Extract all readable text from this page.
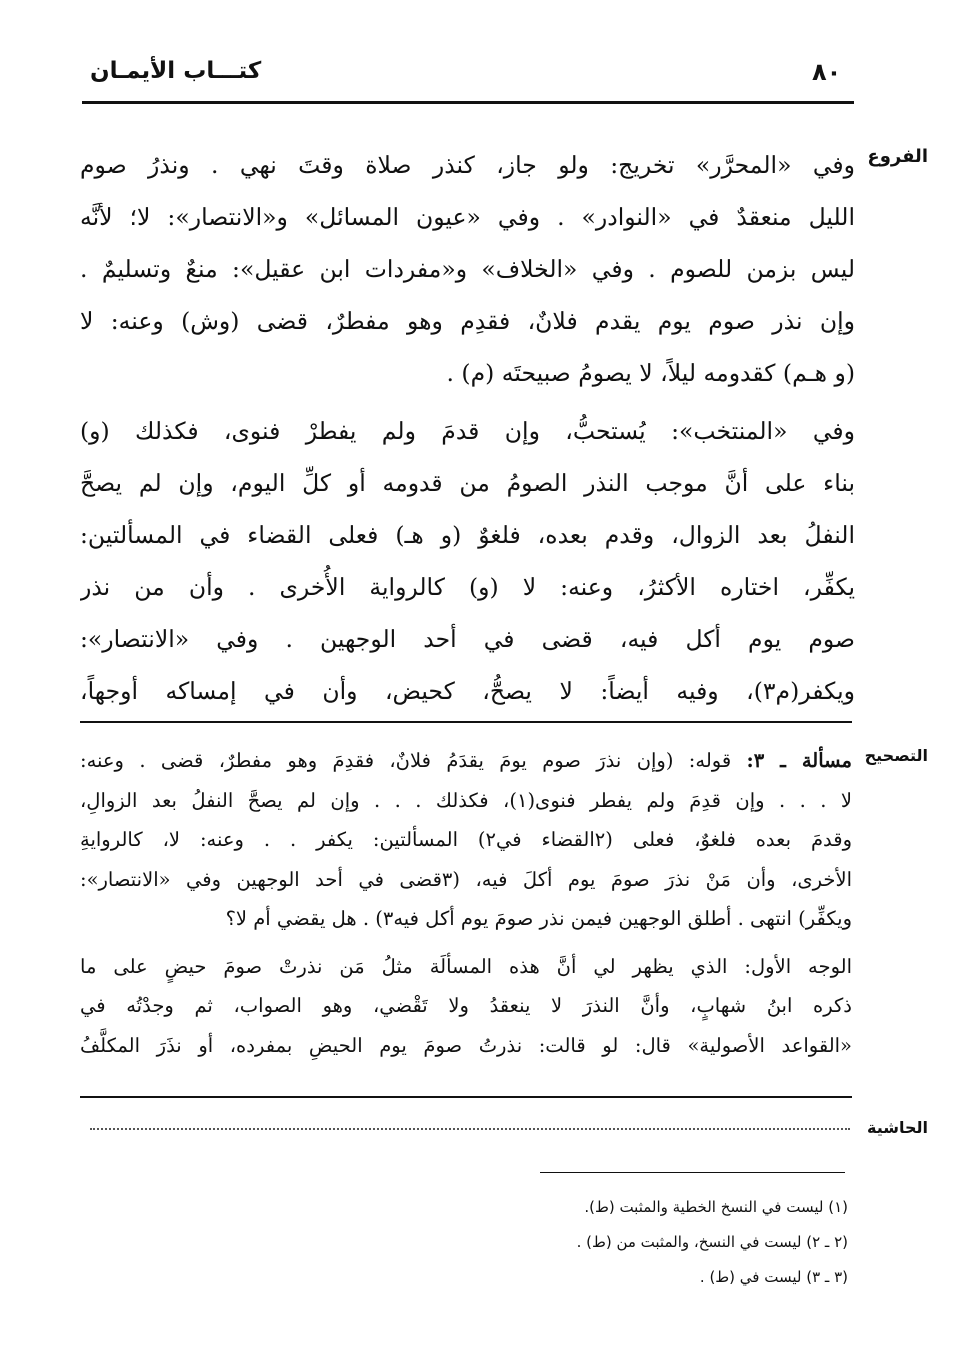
كتـــاب الأيمـان	٨٠
الفروع
وفي «المحرَّر» تخريج: ولو جاز، كنذر صلاة وقتَ نهي . ونذرُ صوم
الليل منعقدٌ في «النوادر» . وفي «عيون المسائل» و«الانتصار»: لا؛ لأنَّه
ليس بزمن للصوم . وفي «الخلاف» و«مفردات ابن عقيل»: منعٌ وتسليمٌ .
وإن نذر صوم يوم يقدم فلانٌ، فقدِم وهو مفطرٌ، قضى (وش) وعنه: لا
(و هـم) كقدومه ليلاً، لا يصومُ صبيحتَه (م) .
وفي «المنتخب»: يُستحبُّ، وإن قدمَ ولم يفطرْ فنوى، فكذلك (و)
بناء على أنَّ موجب النذر الصومُ من قدومه أو كلِّ اليوم، وإن لم يصحَّ
النفلُ بعد الزوال، وقدم بعده، فلغوٌ (و هـ) فعلى القضاء في المسألتين:
يكفِّر، اختاره الأكثرُ، وعنه: لا (و) كالرواية الأُخرى . وأن من نذر
صوم يوم أكل فيه، قضى في أحد الوجهين . وفي «الانتصار»:
ويكفر(م٣)، وفيه أيضاً: لا يصحُّ، كحيض، وأن في إمساكه أوجهاً،
التصحيح
مسألة ـ ٣: قوله: (وإن نذرَ صوم يومَ يقدَمُ فلانٌ، فقدِمَ وهو مفطرٌ، قضى . وعنه:
لا . . . وإن قدِمَ ولم يفطر فنوى(١)، فكذلك . . . وإن لم يصحَّ النفلُ بعد الزوالِ،
وقدمَ بعده فلغوٌ، فعلى (٢القضاء في٢) المسألتين: يكفر . . وعنه: لا، كالروايةِ
الأخرى، وأن مَنْ نذرَ صومَ يوم أكلَ فيه، (٣قضى في أحد الوجهين وفي «الانتصار»:
ويكفِّر) انتهى . أطلق الوجهين فيمن نذر صومَ يوم أكل فيه٣) . هل يقضي أم لا؟
الوجه الأول: الذي يظهر لي أنَّ هذه المسألَة مثلُ مَن نذرتْ صومَ حيضٍ على ما
ذكره ابنُ شهابٍ، وأنَّ النذرَ لا ينعقدُ ولا تَقْضي، وهو الصواب، ثم وجدْتُه في
«القواعد الأصولية» قال: لو قالت: نذرتُ صومَ يوم الحيضِ بمفرده، أو نذَرَ المكلَّفُ
الحاشية
(١) ليست في النسخ الخطية والمثبت (ط).
(٢ ـ ٢) ليست في النسخ، والمثبت من (ط) .
(٣ ـ ٣) ليست في (ط) .
